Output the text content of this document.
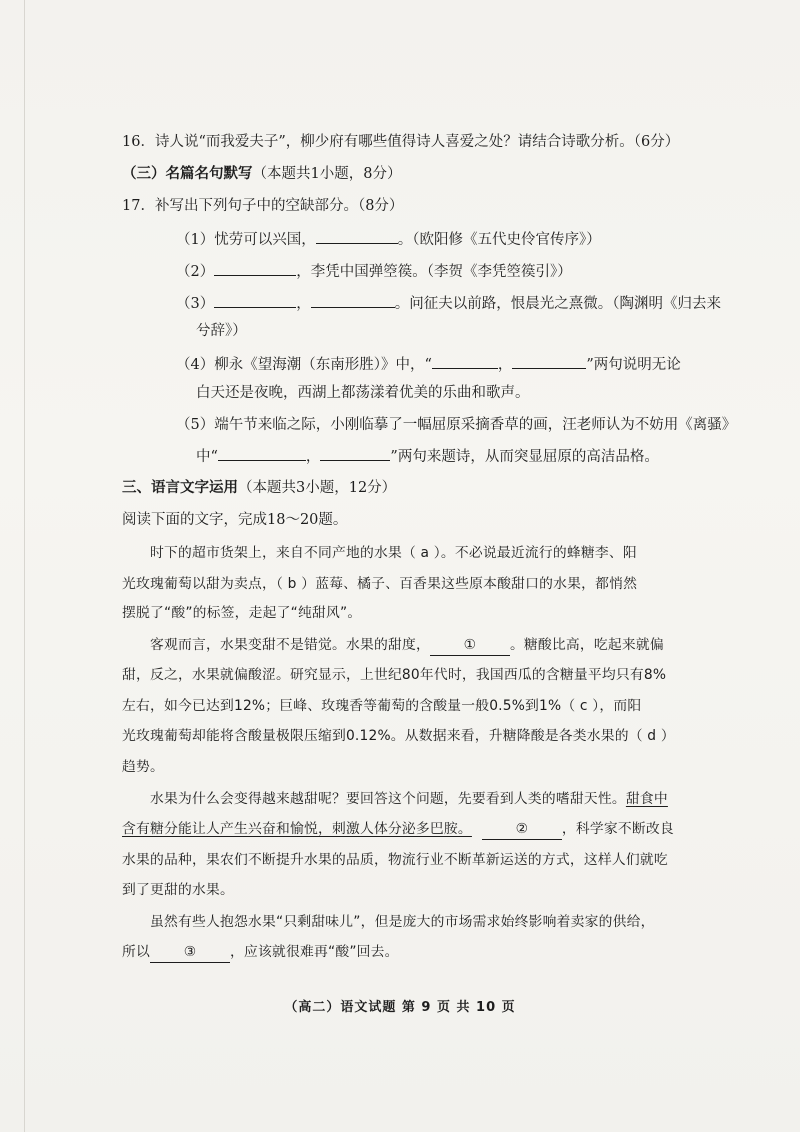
16．诗人说“而我爱夫子”，柳少府有哪些值得诗人喜爱之处？请结合诗歌分析。（6分）
（三）名篇名句默写（本题共1小题，8分）
17．补写出下列句子中的空缺部分。（8分）
（1）忧劳可以兴国，	。（欧阳修《五代史伶官传序》）
（2）	，李凭中国弹箜篌。（李贺《李凭箜篌引》）
（3）	，	。问征夫以前路，恨晨光之熹微。（陶渊明《归去来
兮辞》）
（4）柳永《望海潮（东南形胜）》中，“	，	”两句说明无论
白天还是夜晚，西湖上都荡漾着优美的乐曲和歌声。
（5）端午节来临之际，小刚临摹了一幅屈原采摘香草的画，汪老师认为不妨用《离骚》
中“	，	”两句来题诗，从而突显屈原的高洁品格。
三、语言文字运用（本题共3小题，12分）
阅读下面的文字，完成18～20题。
时下的超市货架上，来自不同产地的水果（ a ）。不必说最近流行的蜂糖李、阳
光玫瑰葡萄以甜为卖点，（ b ）蓝莓、橘子、百香果这些原本酸甜口的水果，都悄然
摆脱了“酸”的标签，走起了“纯甜风”。
客观而言，水果变甜不是错觉。水果的甜度， ① 。糖酸比高，吃起来就偏
甜，反之，水果就偏酸涩。研究显示，上世纪80年代时，我国西瓜的含糖量平均只有8%
左右，如今已达到12%；巨峰、玫瑰香等葡萄的含酸量一般0.5%到1%（ c ），而阳
光玫瑰葡萄却能将含酸量极限压缩到0.12%。从数据来看，升糖降酸是各类水果的（ d ）
趋势。
水果为什么会变得越来越甜呢？要回答这个问题，先要看到人类的嗜甜天性。甜食中
含有糖分能让人产生兴奋和愉悦，刺激人体分泌多巴胺。	② ，科学家不断改良
水果的品种，果农们不断提升水果的品质，物流行业不断革新运送的方式，这样人们就吃
到了更甜的水果。
虽然有些人抱怨水果“只剩甜味儿”，但是庞大的市场需求始终影响着卖家的供给，
所以 ③ ，应该就很难再“酸”回去。
（高二）语文试题 第 9 页 共 10 页
